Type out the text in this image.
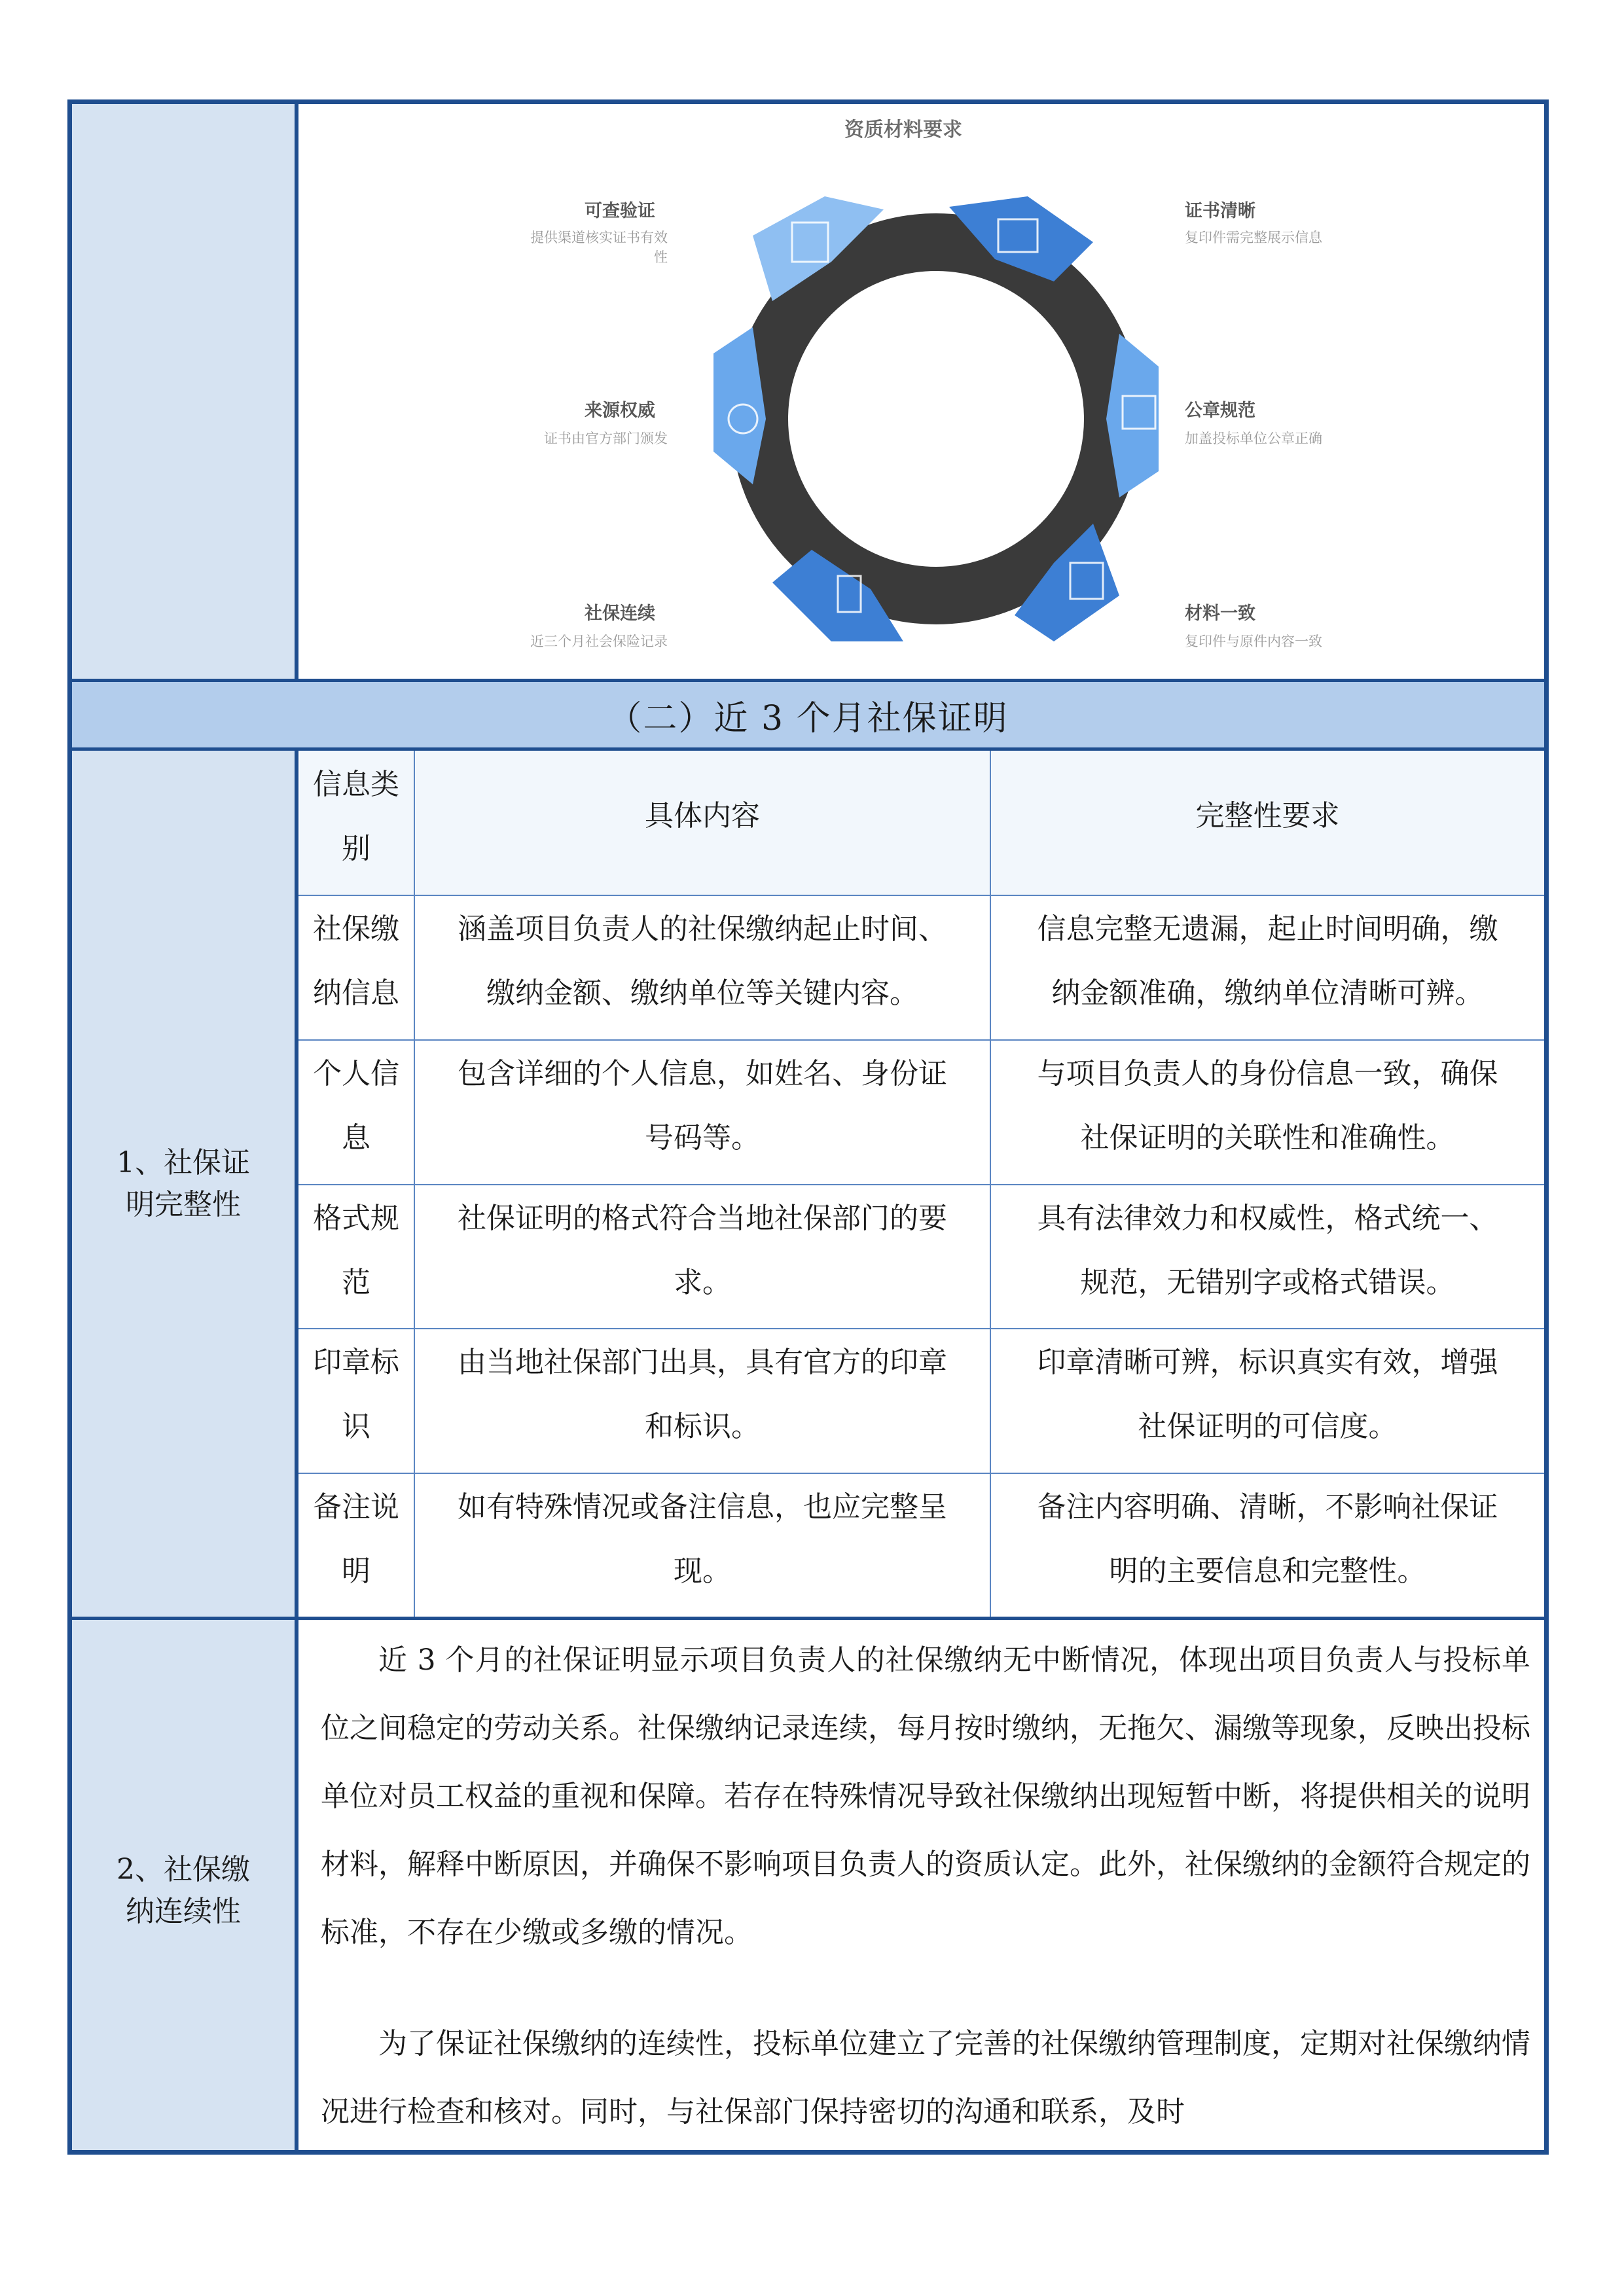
资质材料要求
可查验证
提供渠道核实证书有效性
来源权威
证书由官方部门颁发
社保连续
近三个月社会保险记录
证书清晰
复印件需完整展示信息
公章规范
加盖投标单位公章正确
材料一致
复印件与原件内容一致
（二）近 3 个月社保证明
1、社保证
明完整性
信息类
别
具体内容	完整性要求
社保缴
纳信息
涵盖项目负责人的社保缴纳起止时间、
缴纳金额、缴纳单位等关键内容。
信息完整无遗漏，起止时间明确，缴
纳金额准确，缴纳单位清晰可辨。
个人信
息
包含详细的个人信息，如姓名、身份证
号码等。
与项目负责人的身份信息一致，确保
社保证明的关联性和准确性。
格式规
范
社保证明的格式符合当地社保部门的要
求。
具有法律效力和权威性，格式统一、
规范，无错别字或格式错误。
印章标
识
由当地社保部门出具，具有官方的印章
和标识。
印章清晰可辨，标识真实有效，增强
社保证明的可信度。
备注说
明
如有特殊情况或备注信息，也应完整呈
现。
备注内容明确、清晰，不影响社保证
明的主要信息和完整性。
2、社保缴
纳连续性
近 3 个月的社保证明显示项目负责人的社保缴纳无中断情况，体现出项目负责人与投标单位之间稳定的劳动关系。社保缴纳记录连续，每月按时缴纳，无拖欠、漏缴等现象，反映出投标单位对员工权益的重视和保障。若存在特殊情况导致社保缴纳出现短暂中断，将提供相关的说明材料，解释中断原因，并确保不影响项目负责人的资质认定。此外，社保缴纳的金额符合规定的标准，不存在少缴或多缴的情况。
为了保证社保缴纳的连续性，投标单位建立了完善的社保缴纳管理制度，定期对社保缴纳情况进行检查和核对。同时，与社保部门保持密切的沟通和联系，及时
